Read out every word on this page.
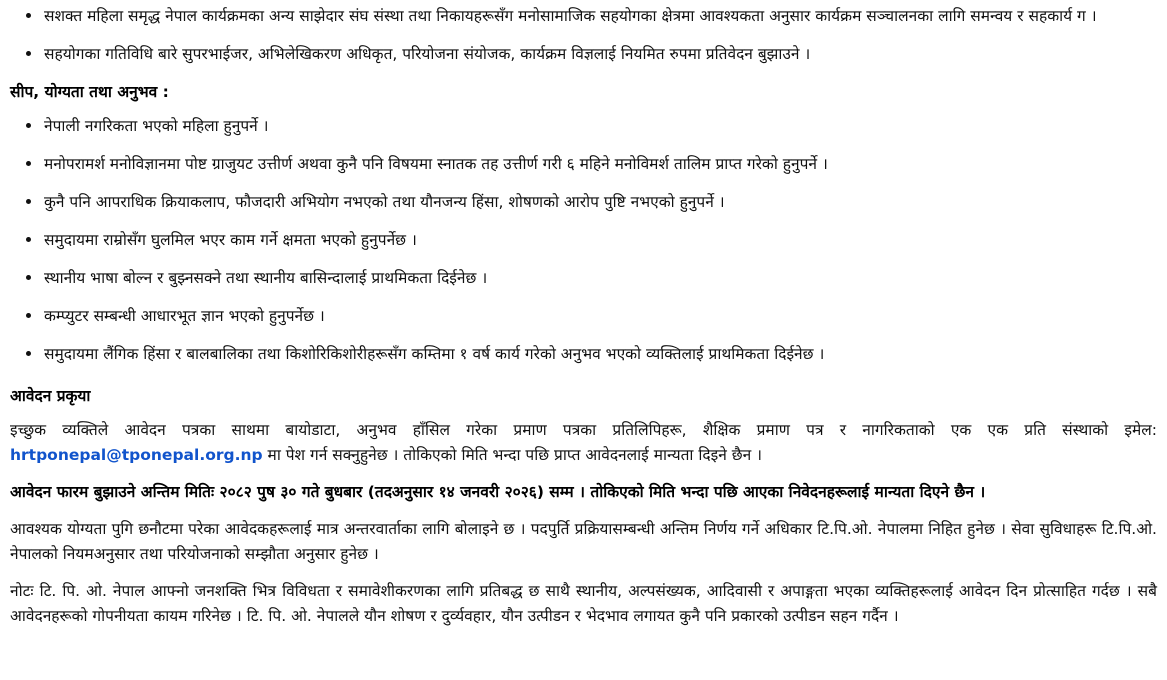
सशक्त महिला समृद्ध नेपाल कार्यक्रमका अन्य साझेदार संघ संस्था तथा निकायहरूसँग मनोसामाजिक सहयोगका क्षेत्रमा आवश्यकता अनुसार कार्यक्रम सञ्चालनका लागि समन्वय र सहकार्य ग ।
सहयोगका गतिविधि बारे सुपरभाईजर, अभिलेखिकरण अधिकृत, परियोजना संयोजक, कार्यक्रम विज्ञलाई नियमित रुपमा प्रतिवेदन बुझाउने ।
सीप, योग्यता तथा अनुभव :
नेपाली नगरिकता भएको महिला हुनुपर्ने ।
मनोपरामर्श मनोविज्ञानमा पोष्ट ग्राजुयट उत्तीर्ण अथवा कुनै पनि विषयमा स्नातक तह उत्तीर्ण गरी ६ महिने मनोविमर्श तालिम प्राप्त गरेको हुनुपर्ने ।
कुनै पनि आपराधिक क्रियाकलाप, फौजदारी अभियोग नभएको तथा यौनजन्य हिंसा, शोषणको आरोप पुष्टि नभएको हुनुपर्ने ।
समुदायमा राम्रोसँग घुलमिल भएर काम गर्ने क्षमता भएको हुनुपर्नेछ ।
स्थानीय भाषा बोल्न र बुझ्नसक्ने तथा स्थानीय बासिन्दालाई प्राथमिकता दिईनेछ ।
कम्प्युटर सम्बन्धी आधारभूत ज्ञान भएको हुनुपर्नेछ ।
समुदायमा लैंगिक हिंसा र बालबालिका तथा किशोरिकिशोरीहरूसँग कम्तिमा १ वर्ष कार्य गरेको अनुभव भएको व्यक्तिलाई प्राथमिकता दिईनेछ ।
आवेदन प्रकृया

इच्छुक व्यक्तिले आवेदन पत्रका साथमा बायोडाटा, अनुभव हाँसिल गरेका प्रमाण पत्रका प्रतिलिपिहरू, शैक्षिक प्रमाण पत्र र नागरिकताको एक एक प्रति संस्थाको इमेल: hrtponepal@tponepal.org.np मा पेश गर्न सक्नुहुनेछ । तोकिएको मिति भन्दा पछि प्राप्त आवेदनलाई मान्यता दिइने छैन ।

आवेदन फारम बुझाउने अन्तिम मितिः २०८२ पुष ३० गते बुधबार (तदअनुसार १४ जनवरी २०२६) सम्म । तोकिएको मिति भन्दा पछि आएका निवेदनहरूलाई मान्यता दिएने छैन ।

आवश्यक योग्यता पुगि छनौटमा परेका आवेदकहरूलाई मात्र अन्तरवार्ताका लागि बोलाइने छ । पदपुर्ति प्रक्रियासम्बन्धी अन्तिम निर्णय गर्ने अधिकार टि.पि.ओ. नेपालमा निहित हुनेछ । सेवा सुविधाहरू टि.पि.ओ. नेपालको नियमअनुसार तथा परियोजनाको सम्झौता अनुसार हुनेछ ।

नोटः टि. पि. ओ. नेपाल आफ्नो जनशक्ति भित्र विविधता र समावेशीकरणका लागि प्रतिबद्ध छ साथै स्थानीय, अल्पसंख्यक, आदिवासी र अपाङ्गता भएका व्यक्तिहरूलाई आवेदन दिन प्रोत्साहित गर्दछ । सबै आवेदनहरूको गोपनीयता कायम गरिनेछ । टि. पि. ओ. नेपालले यौन शोषण र दुर्व्यवहार, यौन उत्पीडन र भेदभाव लगायत कुनै पनि प्रकारको उत्पीडन सहन गर्दैन ।
